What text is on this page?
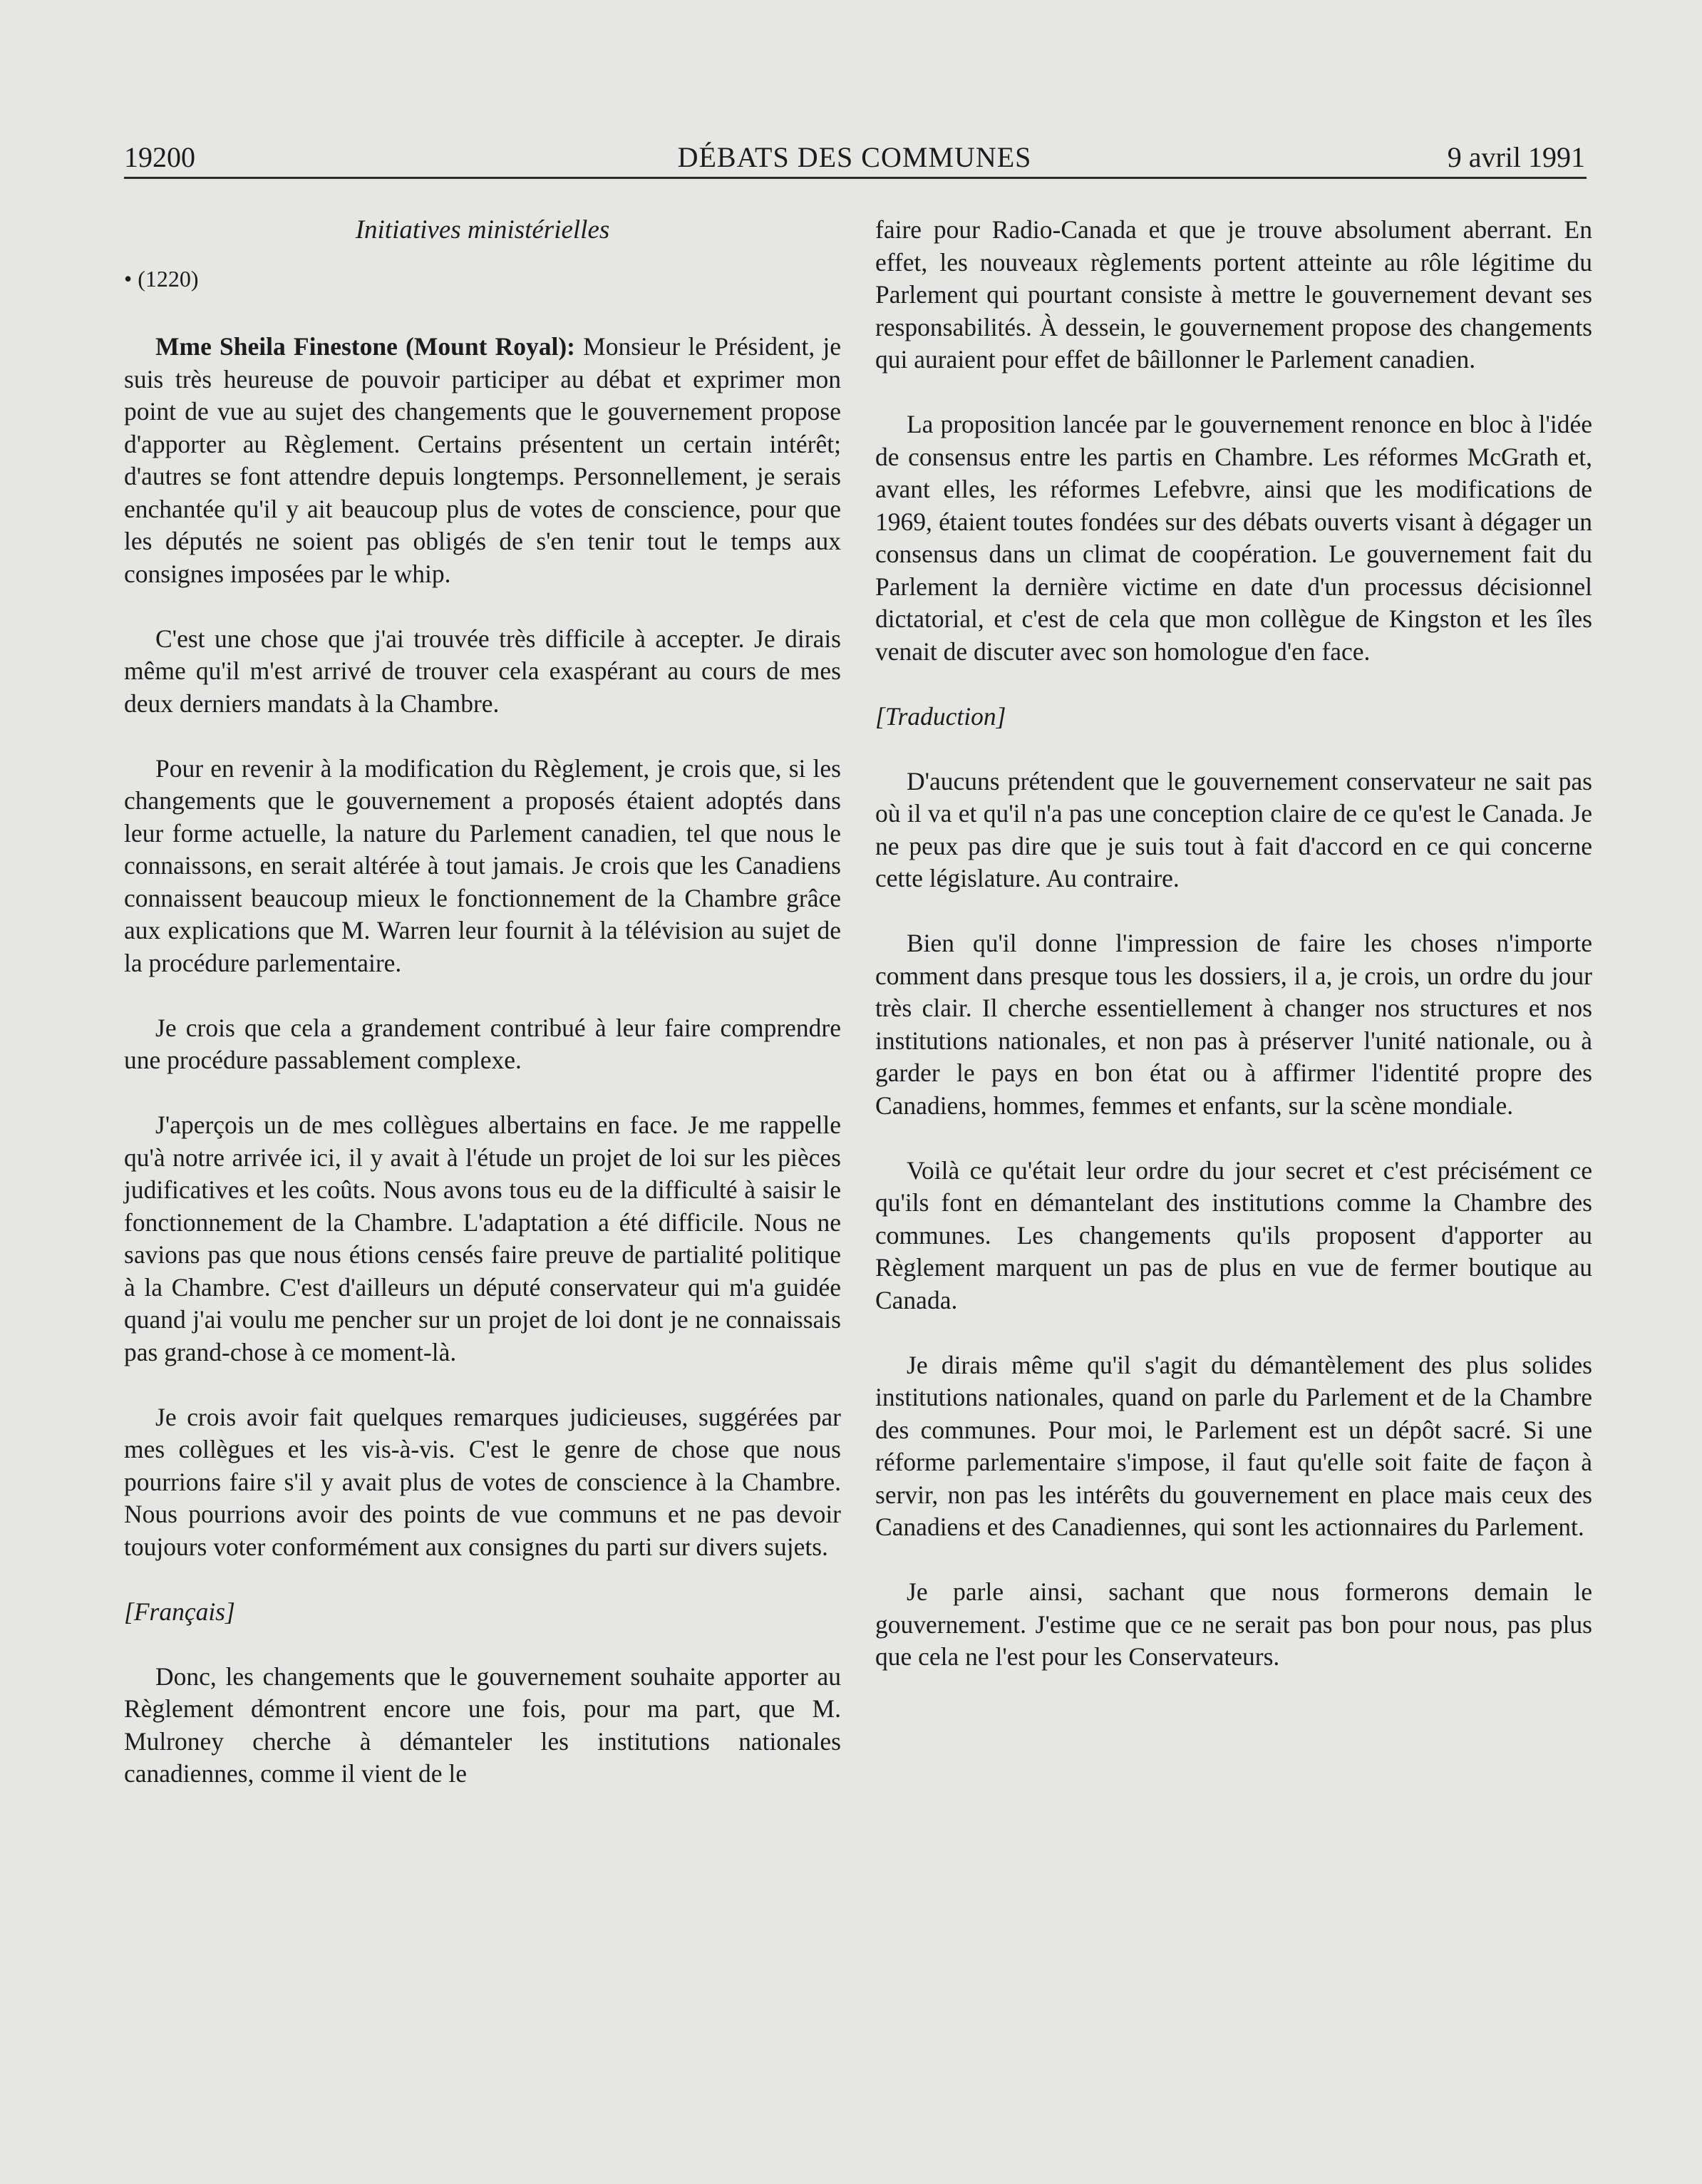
19200	DÉBATS DES COMMUNES	9 avril 1991
Initiatives ministérielles
• (1220)

Mme Sheila Finestone (Mount Royal): Monsieur le Président, je suis très heureuse de pouvoir participer au débat et exprimer mon point de vue au sujet des changements que le gouvernement propose d'apporter au Règlement. Certains présentent un certain intérêt; d'autres se font attendre depuis longtemps. Personnellement, je serais enchantée qu'il y ait beaucoup plus de votes de conscience, pour que les députés ne soient pas obligés de s'en tenir tout le temps aux consignes imposées par le whip.

C'est une chose que j'ai trouvée très difficile à accepter. Je dirais même qu'il m'est arrivé de trouver cela exaspérant au cours de mes deux derniers mandats à la Chambre.

Pour en revenir à la modification du Règlement, je crois que, si les changements que le gouvernement a proposés étaient adoptés dans leur forme actuelle, la nature du Parlement canadien, tel que nous le connaissons, en serait altérée à tout jamais. Je crois que les Canadiens connaissent beaucoup mieux le fonctionnement de la Chambre grâce aux explications que M. Warren leur fournit à la télévision au sujet de la procédure parlementaire.

Je crois que cela a grandement contribué à leur faire comprendre une procédure passablement complexe.

J'aperçois un de mes collègues albertains en face. Je me rappelle qu'à notre arrivée ici, il y avait à l'étude un projet de loi sur les pièces judificatives et les coûts. Nous avons tous eu de la difficulté à saisir le fonctionnement de la Chambre. L'adaptation a été difficile. Nous ne savions pas que nous étions censés faire preuve de partialité politique à la Chambre. C'est d'ailleurs un député conservateur qui m'a guidée quand j'ai voulu me pencher sur un projet de loi dont je ne connaissais pas grand-chose à ce moment-là.

Je crois avoir fait quelques remarques judicieuses, suggérées par mes collègues et les vis-à-vis. C'est le genre de chose que nous pourrions faire s'il y avait plus de votes de conscience à la Chambre. Nous pourrions avoir des points de vue communs et ne pas devoir toujours voter conformément aux consignes du parti sur divers sujets.

[Français]

Donc, les changements que le gouvernement souhaite apporter au Règlement démontrent encore une fois, pour ma part, que M. Mulroney cherche à démanteler les institutions nationales canadiennes, comme il vient de le

faire pour Radio-Canada et que je trouve absolument aberrant. En effet, les nouveaux règlements portent atteinte au rôle légitime du Parlement qui pourtant consiste à mettre le gouvernement devant ses responsabilités. À dessein, le gouvernement propose des changements qui auraient pour effet de bâillonner le Parlement canadien.

La proposition lancée par le gouvernement renonce en bloc à l'idée de consensus entre les partis en Chambre. Les réformes McGrath et, avant elles, les réformes Lefebvre, ainsi que les modifications de 1969, étaient toutes fondées sur des débats ouverts visant à dégager un consensus dans un climat de coopération. Le gouvernement fait du Parlement la dernière victime en date d'un processus décisionnel dictatorial, et c'est de cela que mon collègue de Kingston et les îles venait de discuter avec son homologue d'en face.

[Traduction]

D'aucuns prétendent que le gouvernement conservateur ne sait pas où il va et qu'il n'a pas une conception claire de ce qu'est le Canada. Je ne peux pas dire que je suis tout à fait d'accord en ce qui concerne cette législature. Au contraire.

Bien qu'il donne l'impression de faire les choses n'importe comment dans presque tous les dossiers, il a, je crois, un ordre du jour très clair. Il cherche essentiellement à changer nos structures et nos institutions nationales, et non pas à préserver l'unité nationale, ou à garder le pays en bon état ou à affirmer l'identité propre des Canadiens, hommes, femmes et enfants, sur la scène mondiale.

Voilà ce qu'était leur ordre du jour secret et c'est précisément ce qu'ils font en démantelant des institutions comme la Chambre des communes. Les changements qu'ils proposent d'apporter au Règlement marquent un pas de plus en vue de fermer boutique au Canada.

Je dirais même qu'il s'agit du démantèlement des plus solides institutions nationales, quand on parle du Parlement et de la Chambre des communes. Pour moi, le Parlement est un dépôt sacré. Si une réforme parlementaire s'impose, il faut qu'elle soit faite de façon à servir, non pas les intérêts du gouvernement en place mais ceux des Canadiens et des Canadiennes, qui sont les actionnaires du Parlement.

Je parle ainsi, sachant que nous formerons demain le gouvernement. J'estime que ce ne serait pas bon pour nous, pas plus que cela ne l'est pour les Conservateurs.
